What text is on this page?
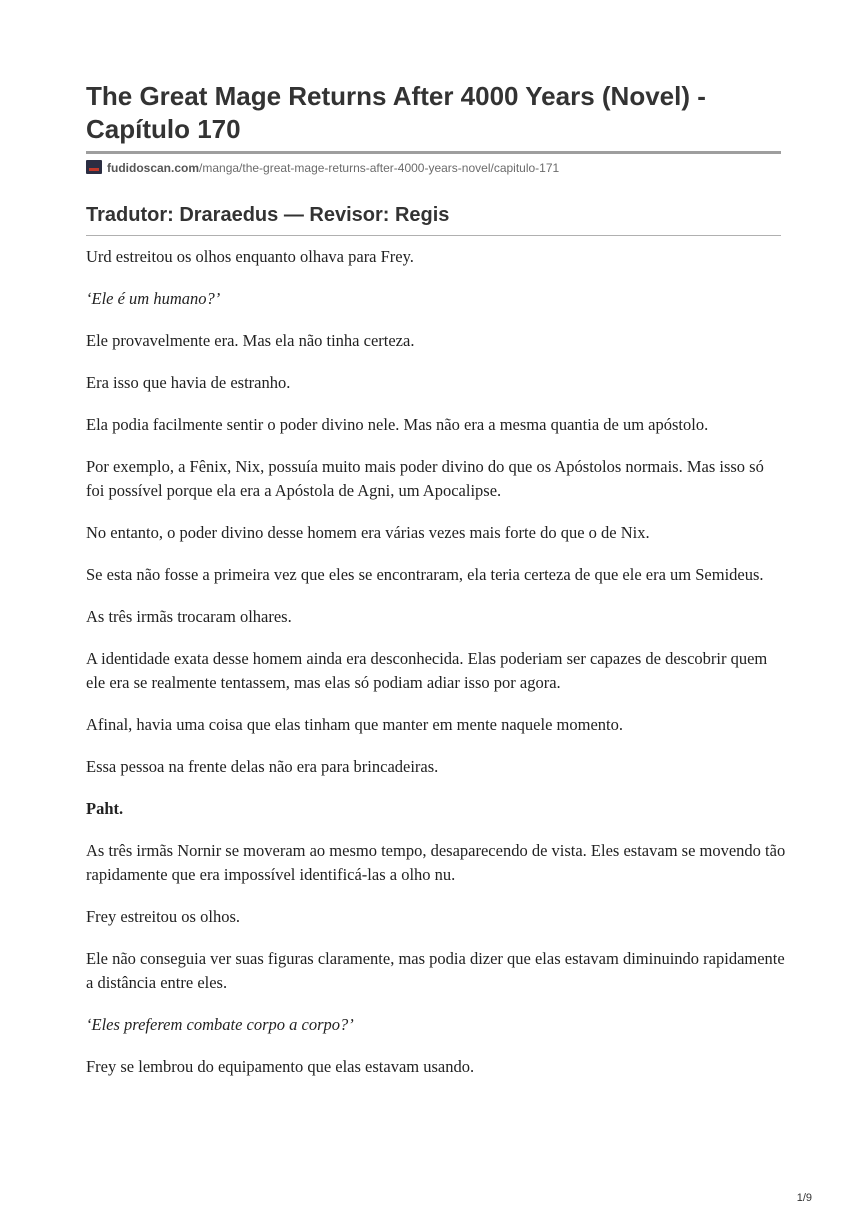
The Great Mage Returns After 4000 Years (Novel) - Capítulo 170
fudidoscan.com/manga/the-great-mage-returns-after-4000-years-novel/capitulo-171
Tradutor: Draraedus — Revisor: Regis

Urd estreitou os olhos enquanto olhava para Frey.

‘Ele é um humano?’

Ele provavelmente era. Mas ela não tinha certeza.

Era isso que havia de estranho.

Ela podia facilmente sentir o poder divino nele. Mas não era a mesma quantia de um apóstolo.

Por exemplo, a Fênix, Nix, possuía muito mais poder divino do que os Apóstolos normais. Mas isso só foi possível porque ela era a Apóstola de Agni, um Apocalipse.

No entanto, o poder divino desse homem era várias vezes mais forte do que o de Nix.

Se esta não fosse a primeira vez que eles se encontraram, ela teria certeza de que ele era um Semideus.

As três irmãs trocaram olhares.

A identidade exata desse homem ainda era desconhecida. Elas poderiam ser capazes de descobrir quem ele era se realmente tentassem, mas elas só podiam adiar isso por agora.

Afinal, havia uma coisa que elas tinham que manter em mente naquele momento.

Essa pessoa na frente delas não era para brincadeiras.

Paht.

As três irmãs Nornir se moveram ao mesmo tempo, desaparecendo de vista. Eles estavam se movendo tão rapidamente que era impossível identificá-las a olho nu.

Frey estreitou os olhos.

Ele não conseguia ver suas figuras claramente, mas podia dizer que elas estavam diminuindo rapidamente a distância entre eles.

‘Eles preferem combate corpo a corpo?’

Frey se lembrou do equipamento que elas estavam usando.

1/9
